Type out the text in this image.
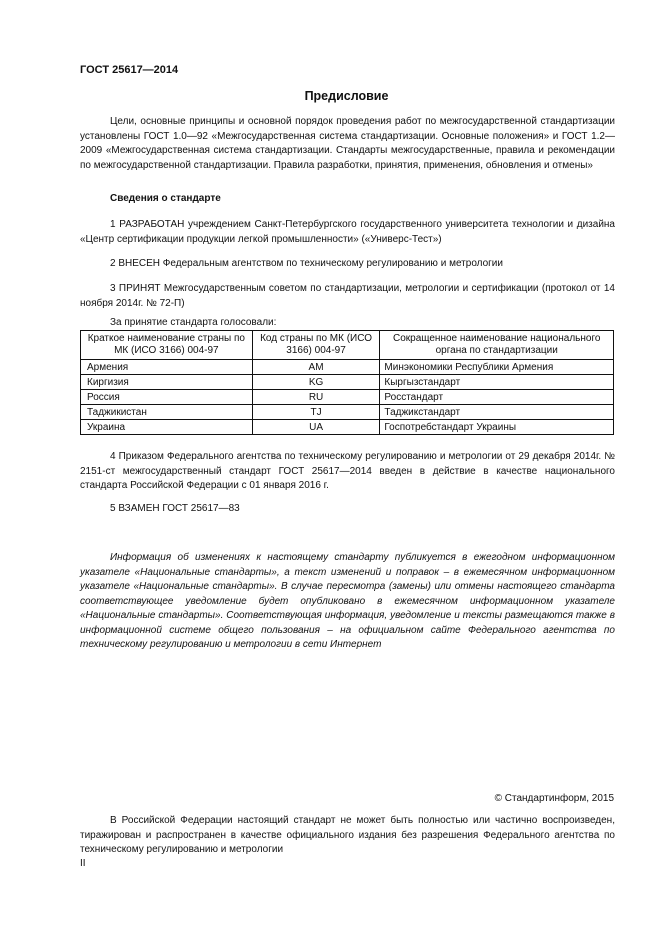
ГОСТ 25617—2014
Предисловие

Цели, основные принципы и основной порядок проведения работ по межгосударственной стандартизации установлены ГОСТ 1.0—92 «Межгосударственная система стандартизации. Основные положения» и ГОСТ 1.2—2009 «Межгосударственная система стандартизации. Стандарты межгосударственные, правила и рекомендации по межгосударственной стандартизации. Правила разработки, принятия, применения, обновления и отмены»

Сведения о стандарте

1 РАЗРАБОТАН учреждением Санкт-Петербургского государственного университета технологии и дизайна «Центр сертификации продукции легкой промышленности» («Универс-Тест»)

2 ВНЕСЕН Федеральным агентством по техническому регулированию и метрологии

3 ПРИНЯТ Межгосударственным советом по стандартизации, метрологии и сертификации (протокол от 14 ноября 2014г. № 72-П)

За принятие стандарта голосовали:
Краткое наименование страны по МК (ИСО 3166) 004-97	Код страны по МК (ИСО 3166) 004-97	Сокращенное наименование национального органа по стандартизации
Армения	AM	Минэкономики Республики Армения
Киргизия	KG	Кыргызстандарт
Россия	RU	Росстандарт
Таджикистан	TJ	Таджикстандарт
Украина	UA	Госпотребстандарт Украины

4 Приказом Федерального агентства по техническому регулированию и метрологии от 29 декабря 2014г. № 2151-ст межгосударственный стандарт ГОСТ 25617—2014 введен в действие в качестве национального стандарта Российской Федерации с 01 января 2016 г.

5 ВЗАМЕН ГОСТ 25617—83

Информация об изменениях к настоящему стандарту публикуется в ежегодном информационном указателе «Национальные стандарты», а текст изменений и поправок – в ежемесячном информационном указателе «Национальные стандарты». В случае пересмотра (замены) или отмены настоящего стандарта соответствующее уведомление будет опубликовано в ежемесячном информационном указателе «Национальные стандарты». Соответствующая информация, уведомление и тексты размещаются также в информационной системе общего пользования – на официальном сайте Федерального агентства по техническому регулированию и метрологии в сети Интернет

© Стандартинформ, 2015

В Российской Федерации настоящий стандарт не может быть полностью или частично воспроизведен, тиражирован и распространен в качестве официального издания без разрешения Федерального агентства по техническому регулированию и метрологии

II
